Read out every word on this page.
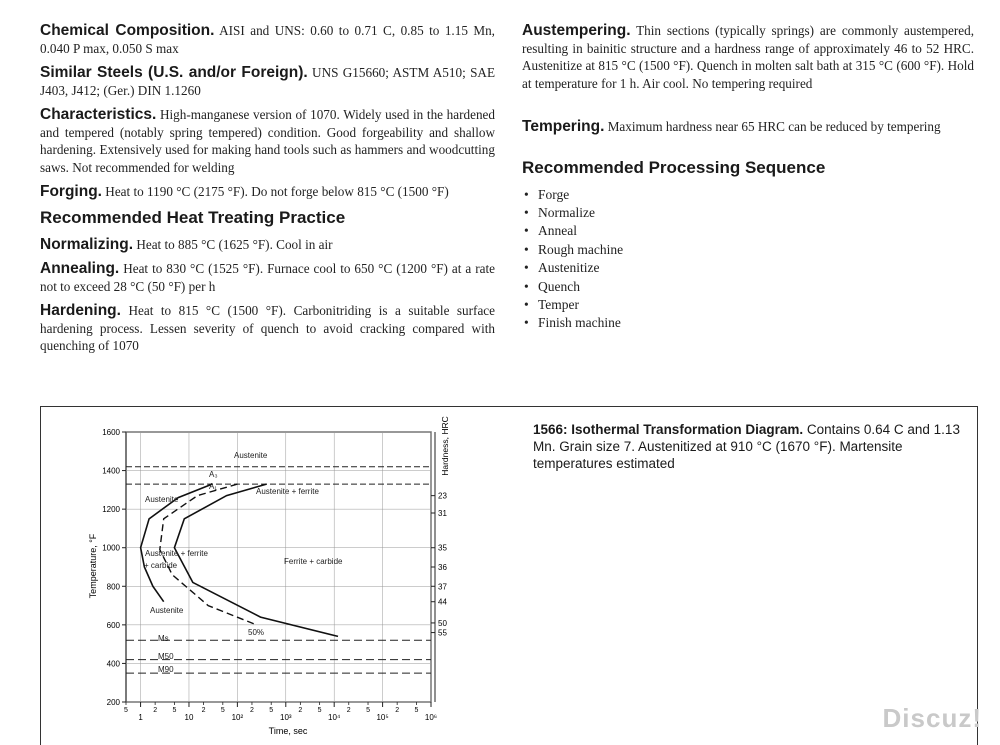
Chemical Composition. AISI and UNS: 0.60 to 0.71 C, 0.85 to 1.15 Mn, 0.040 P max, 0.050 S max

Similar Steels (U.S. and/or Foreign). UNS G15660; ASTM A510; SAE J403, J412; (Ger.) DIN 1.1260

Characteristics. High-manganese version of 1070. Widely used in the hardened and tempered (notably spring tempered) condition. Good forgeability and shallow hardening. Extensively used for making hand tools such as hammers and woodcutting saws. Not recommended for welding

Forging. Heat to 1190 °C (2175 °F). Do not forge below 815 °C (1500 °F)

Recommended Heat Treating Practice

Normalizing. Heat to 885 °C (1625 °F). Cool in air

Annealing. Heat to 830 °C (1525 °F). Furnace cool to 650 °C (1200 °F) at a rate not to exceed 28 °C (50 °F) per h

Hardening. Heat to 815 °C (1500 °F). Carbonitriding is a suitable surface hardening process. Lessen severity of quench to avoid cracking compared with quenching of 1070

Austempering. Thin sections (typically springs) are commonly austempered, resulting in bainitic structure and a hardness range of approximately 46 to 52 HRC. Austenitize at 815 °C (1500 °F). Quench in molten salt bath at 315 °C (600 °F). Hold at temperature for 1 h. Air cool. No tempering required

Tempering. Maximum hardness near 65 HRC can be reduced by tempering

Recommended Processing Sequence
• Forge
• Normalize
• Anneal
• Rough machine
• Austenitize
• Quench
• Temper
• Finish machine
Temperature, °F
Time, sec
Hardness, HRC
1600
1400
1200
1000
800
600
400
200
1	10	10²	10³	10⁴	10⁵	10⁶
5	2 5	2 5	2 5	2 5	2 5	2 5
23
31
35
36
37
44
50
55
Austenite
A₃
A₁
Austenite + ferrite
Austenite
Austenite + ferrite
+ carbide	Ferrite + carbide
Austenite
50%
Ms
M50
M90
1566: Isothermal Transformation Diagram. Contains 0.64 C and 1.13 Mn. Grain size 7. Austenitized at 910 °C (1670 °F). Martensite temperatures estimated
Discuz!
